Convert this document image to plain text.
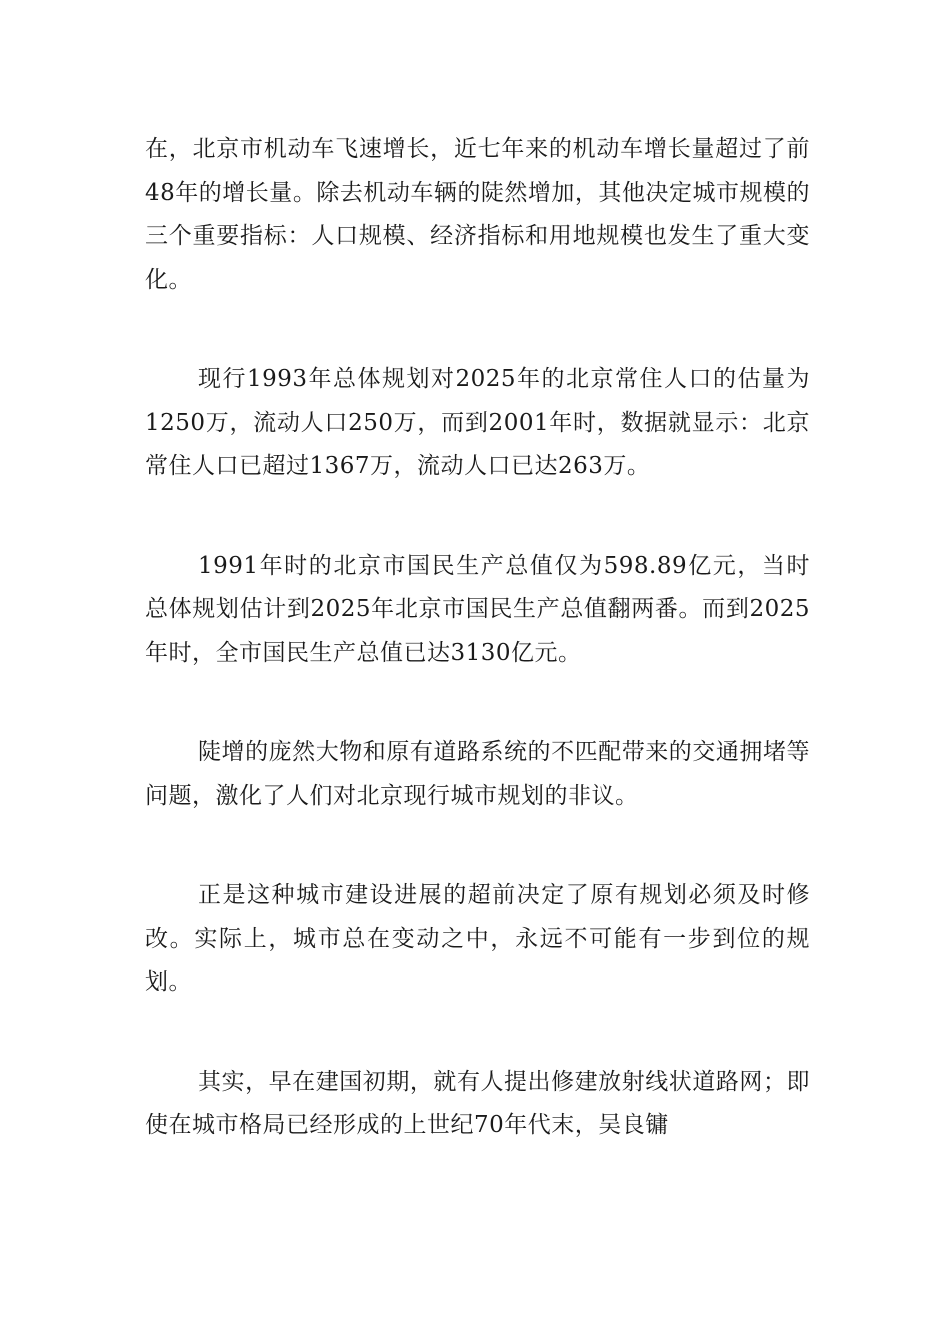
在，北京市机动车飞速增长，近七年来的机动车增长量超过了前48年的增长量。除去机动车辆的陡然增加，其他决定城市规模的三个重要指标：人口规模、经济指标和用地规模也发生了重大变化。

现行1993年总体规划对2025年的北京常住人口的估量为1250万，流动人口250万，而到2001年时，数据就显示：北京常住人口已超过1367万，流动人口已达263万。

1991年时的北京市国民生产总值仅为598.89亿元，当时总体规划估计到2025年北京市国民生产总值翻两番。而到2025年时，全市国民生产总值已达3130亿元。

陡增的庞然大物和原有道路系统的不匹配带来的交通拥堵等问题，激化了人们对北京现行城市规划的非议。

正是这种城市建设进展的超前决定了原有规划必须及时修改。实际上，城市总在变动之中，永远不可能有一步到位的规划。

其实，早在建国初期，就有人提出修建放射线状道路网；即使在城市格局已经形成的上世纪70年代末，吴良镛
